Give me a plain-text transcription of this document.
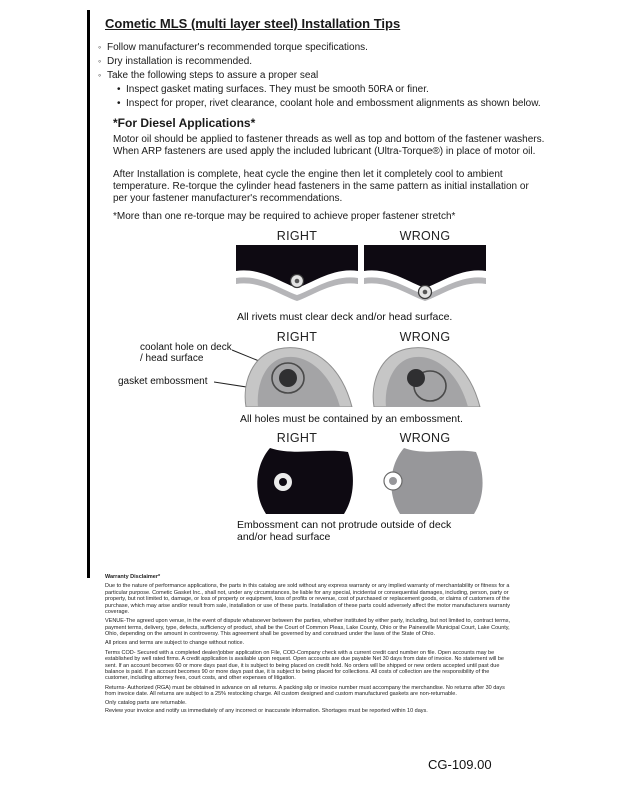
Cometic MLS (multi layer steel) Installation Tips
◦ Follow manufacturer's recommended torque specifications.
◦ Dry installation is recommended.
◦ Take the following steps to assure a proper seal
• Inspect gasket mating surfaces. They must be smooth 50RA or finer.
• Inspect for proper, rivet clearance, coolant hole and embossment alignments as shown below.
*For Diesel Applications*
Motor oil should be applied to fastener threads as well as top and bottom of the fastener washers. When ARP fasteners are used apply the included lubricant (Ultra-Torque®) in place of motor oil.
After Installation is complete, heat cycle the engine then let it completely cool to ambient temperature. Re-torque the cylinder head fasteners in the same pattern as initial installation or per your fastener manufacturer's recommendations.
*More than one re-torque may be required to achieve proper fastener stretch*
RIGHT	WRONG
All rivets must clear deck and/or head surface.
RIGHT	WRONG
coolant hole on deck / head surface
gasket embossment
All holes must be contained by an embossment.
RIGHT	WRONG
Embossment can not protrude outside of deck and/or head surface
Warranty Disclaimer*
Due to the nature of performance applications, the parts in this catalog are sold without any express warranty or any implied warranty of merchantability or fitness for a particular purpose. Cometic Gasket Inc., shall not, under any circumstances, be liable for any special, incidental or consequential damages, including, person, party or property, but not limited to, damage, or loss of property or equipment, loss of profits or revenue, cost of purchased or replacement goods, or claims of customers of the purchase, which may arise and/or result from sale, installation or use of these parts. Installation of these parts could adversely affect the motor manufacturers warranty coverage.
VENUE-The agreed upon venue, in the event of dispute whatsoever between the parties, whether instituted by either party, including, but not limited to, contract terms, payment terms, delivery, type, defects, sufficiency of product, shall be the Court of Common Pleas, Lake County, Ohio or the Painesville Municipal Court, Lake County, Ohio, depending on the amount in controversy. This agreement shall be governed by and construed under the laws of the State of Ohio.
All prices and terms are subject to change without notice.
Terms COD- Secured with a completed dealer/jobber application on File, COD-Company check with a current credit card number on file. Open accounts may be established by well rated firms. A credit application is available upon request. Open accounts are due payable Net 30 days from date of invoice. No statement will be sent. If an account becomes 60 or more days past due, it is subject to being placed on credit hold. No orders will be shipped or new orders accepted until past due balance is paid. If an account becomes 90 or more days past due, it is subject to being placed for collections. All costs of collection are the responsibility of the customer, including attorney fees, court costs, and other expenses of litigation.
Returns- Authorized (RGA) must be obtained in advance on all returns. A packing slip or invoice number must accompany the merchandise. No returns after 30 days from invoice date. All returns are subject to a 25% restocking charge. All custom designed and custom manufactured gaskets are non-returnable.
Only catalog parts are returnable.
Review your invoice and notify us immediately of any incorrect or inaccurate information. Shortages must be reported within 10 days.
CG-109.00
